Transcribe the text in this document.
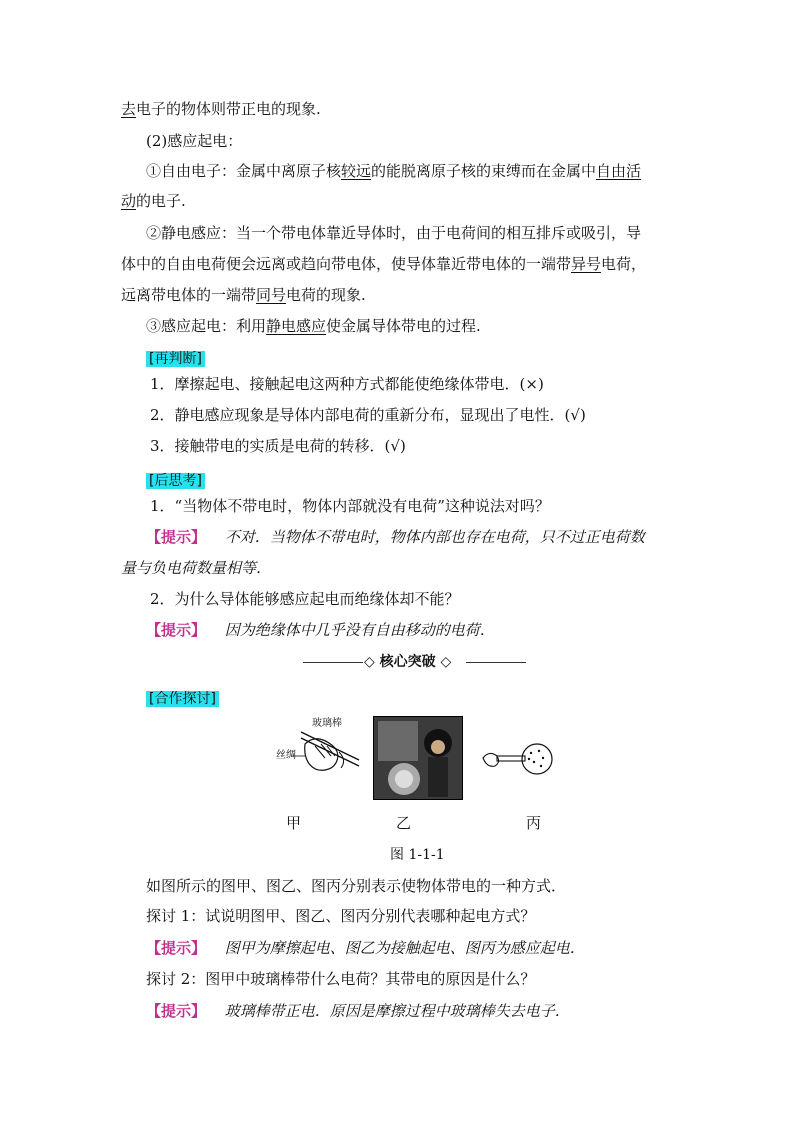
去电子的物体则带正电的现象.
(2)感应起电：
①自由电子：金属中离原子核较远的能脱离原子核的束缚而在金属中自由活
动的电子.
②静电感应：当一个带电体靠近导体时，由于电荷间的相互排斥或吸引，导
体中的自由电荷便会远离或趋向带电体，使导体靠近带电体的一端带异号电荷，
远离带电体的一端带同号电荷的现象.
③感应起电：利用静电感应使金属导体带电的过程.
[再判断]
1．摩擦起电、接触起电这两种方式都能使绝缘体带电．(×)
2．静电感应现象是导体内部电荷的重新分布，显现出了电性．(√)
3．接触带电的实质是电荷的转移．(√)
[后思考]
1．“当物体不带电时，物体内部就没有电荷”这种说法对吗？
【提示】 不对．当物体不带电时，物体内部也存在电荷，只不过正电荷数
量与负电荷数量相等．
2．为什么导体能够感应起电而绝缘体却不能？
【提示】 因为绝缘体中几乎没有自由移动的电荷．
◇ 核心突破 ◇
[合作探讨]
玻璃棒
丝绸
甲	乙	丙
图 1-1-1
如图所示的图甲、图乙、图丙分别表示使物体带电的一种方式．
探讨 1：试说明图甲、图乙、图丙分别代表哪种起电方式？
【提示】 图甲为摩擦起电、图乙为接触起电、图丙为感应起电．
探讨 2：图甲中玻璃棒带什么电荷？其带电的原因是什么？
【提示】 玻璃棒带正电．原因是摩擦过程中玻璃棒失去电子．
